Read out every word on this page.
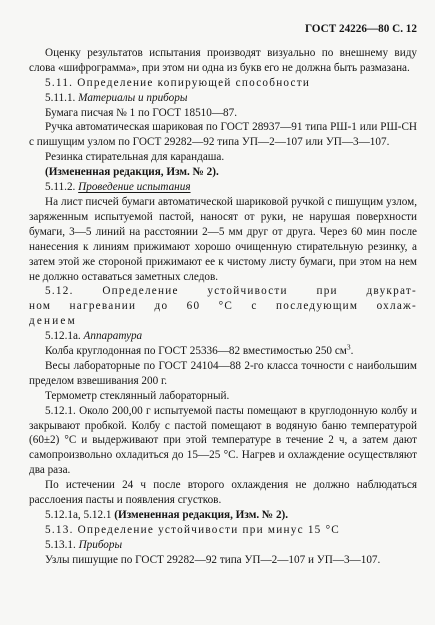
ГОСТ 24226—80 С. 12

Оценку результатов испытания производят визуально по внешнему виду слова «шифрограмма», при этом ни одна из букв его не должна быть размазана.

5.11. Определение копирующей способности

5.11.1. Материалы и приборы

Бумага писчая № 1 по ГОСТ 18510—87.

Ручка автоматическая шариковая по ГОСТ 28937—91 типа РШ-1 или РШ-СН с пишущим узлом по ГОСТ 29282—92 типа УП—2—107 или УП—3—107.

Резинка стирательная для карандаша.

(Измененная редакция, Изм. № 2).

5.11.2. Проведение испытания

На лист писчей бумаги автоматической шариковой ручкой с пишущим узлом, заряженным испытуемой пастой, наносят от руки, не нарушая поверхности бумаги, 3—5 линий на расстоянии 2—5 мм друг от друга. Через 60 мин после нанесения к линиям прижимают хорошо очищенную стирательную резинку, а затем этой же стороной прижимают ее к чистому листу бумаги, при этом на нем не должно оставаться заметных следов.

5.12. Определение устойчивости при двукрат-

ном нагревании до 60 °С с последующим охлаж-

дением

5.12.1а. Аппаратура

Колба круглодонная по ГОСТ 25336—82 вместимостью 250 $см^3$.

Весы лабораторные по ГОСТ 24104—88 2-го класса точности с наибольшим пределом взвешивания 200 г.

Термометр стеклянный лабораторный.

5.12.1. Около 200,00 г испытуемой пасты помещают в круглодонную колбу и закрывают пробкой. Колбу с пастой помещают в водяную баню температурой (60±2) °С и выдерживают при этой температуре в течение 2 ч, а затем дают самопроизвольно охладиться до 15—25 °С. Нагрев и охлаждение осуществляют два раза.

По истечении 24 ч после второго охлаждения не должно наблюдаться расслоения пасты и появления сгустков.

5.12.1а, 5.12.1 (Измененная редакция, Изм. № 2).

5.13. Определение устойчивости при минус 15 °С

5.13.1. Приборы

Узлы пишущие по ГОСТ 29282—92 типа УП—2—107 и УП—3—107.
